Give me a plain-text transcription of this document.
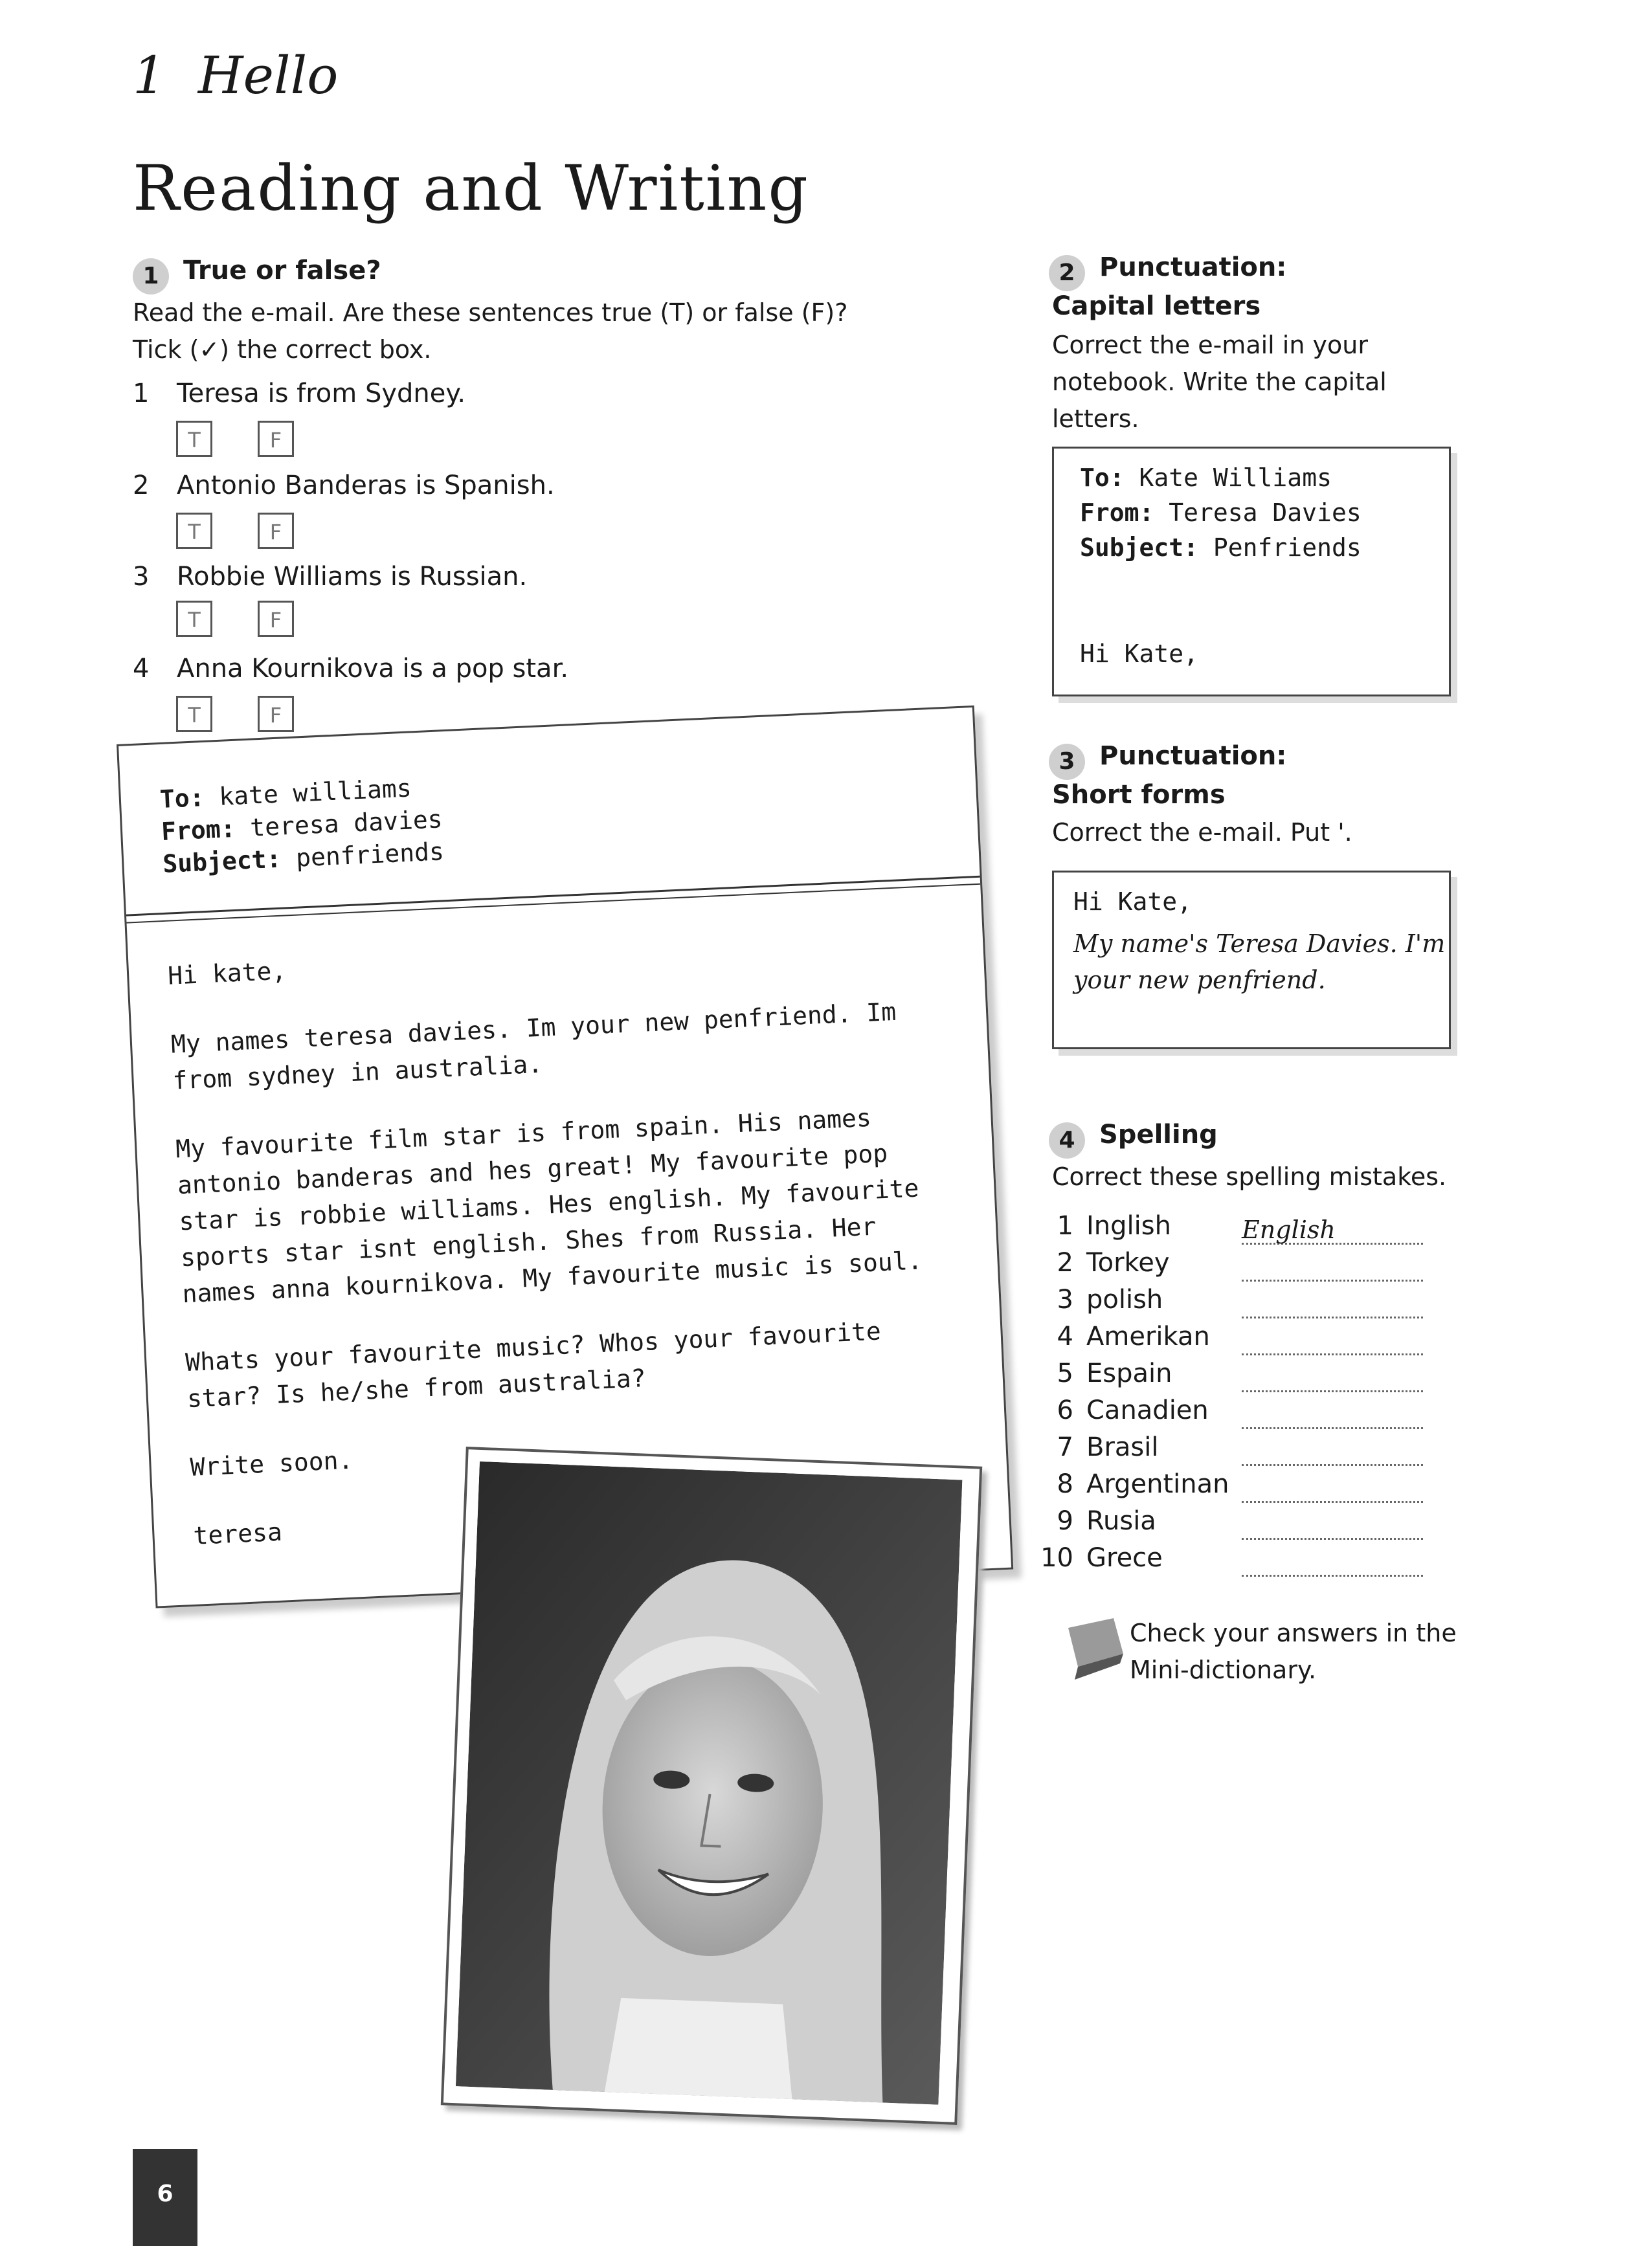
1 Hello
Reading and Writing
1 True or false?
Read the e-mail. Are these sentences true (T) or false (F)?
Tick (✓) the correct box.
1 Teresa is from Sydney.
T	F
2 Antonio Banderas is Spanish.
T	F
3 Robbie Williams is Russian.
T	F
4 Anna Kournikova is a pop star.
T	F
To: kate williams
From: teresa davies
Subject: penfriends

Hi kate,

My names teresa davies. Im your new penfriend. Im from sydney in australia.

My favourite film star is from spain. His names antonio banderas and hes great! My favourite pop star is robbie williams. Hes english. My favourite sports star isnt english. Shes from Russia. Her names anna kournikova. My favourite music is soul.

Whats your favourite music? Whos your favourite star? Is he/she from australia?

Write soon.

teresa

2 Punctuation:
Capital letters
Correct the e-mail in your notebook. Write the capital letters.
To: Kate Williams
From: Teresa Davies
Subject: Penfriends
Hi Kate,
3 Punctuation:
Short forms
Correct the e-mail. Put '.
Hi Kate,
My name's Teresa Davies. I'm
your new penfriend.
4 Spelling
Correct these spelling mistakes.
1 Inglish	English
2 Torkey
3 polish
4 Amerikan
5 Espain
6 Canadien
7 Brasil
8 Argentinan
9 Rusia
10 Grece
Check your answers in the
Mini-dictionary.
6
